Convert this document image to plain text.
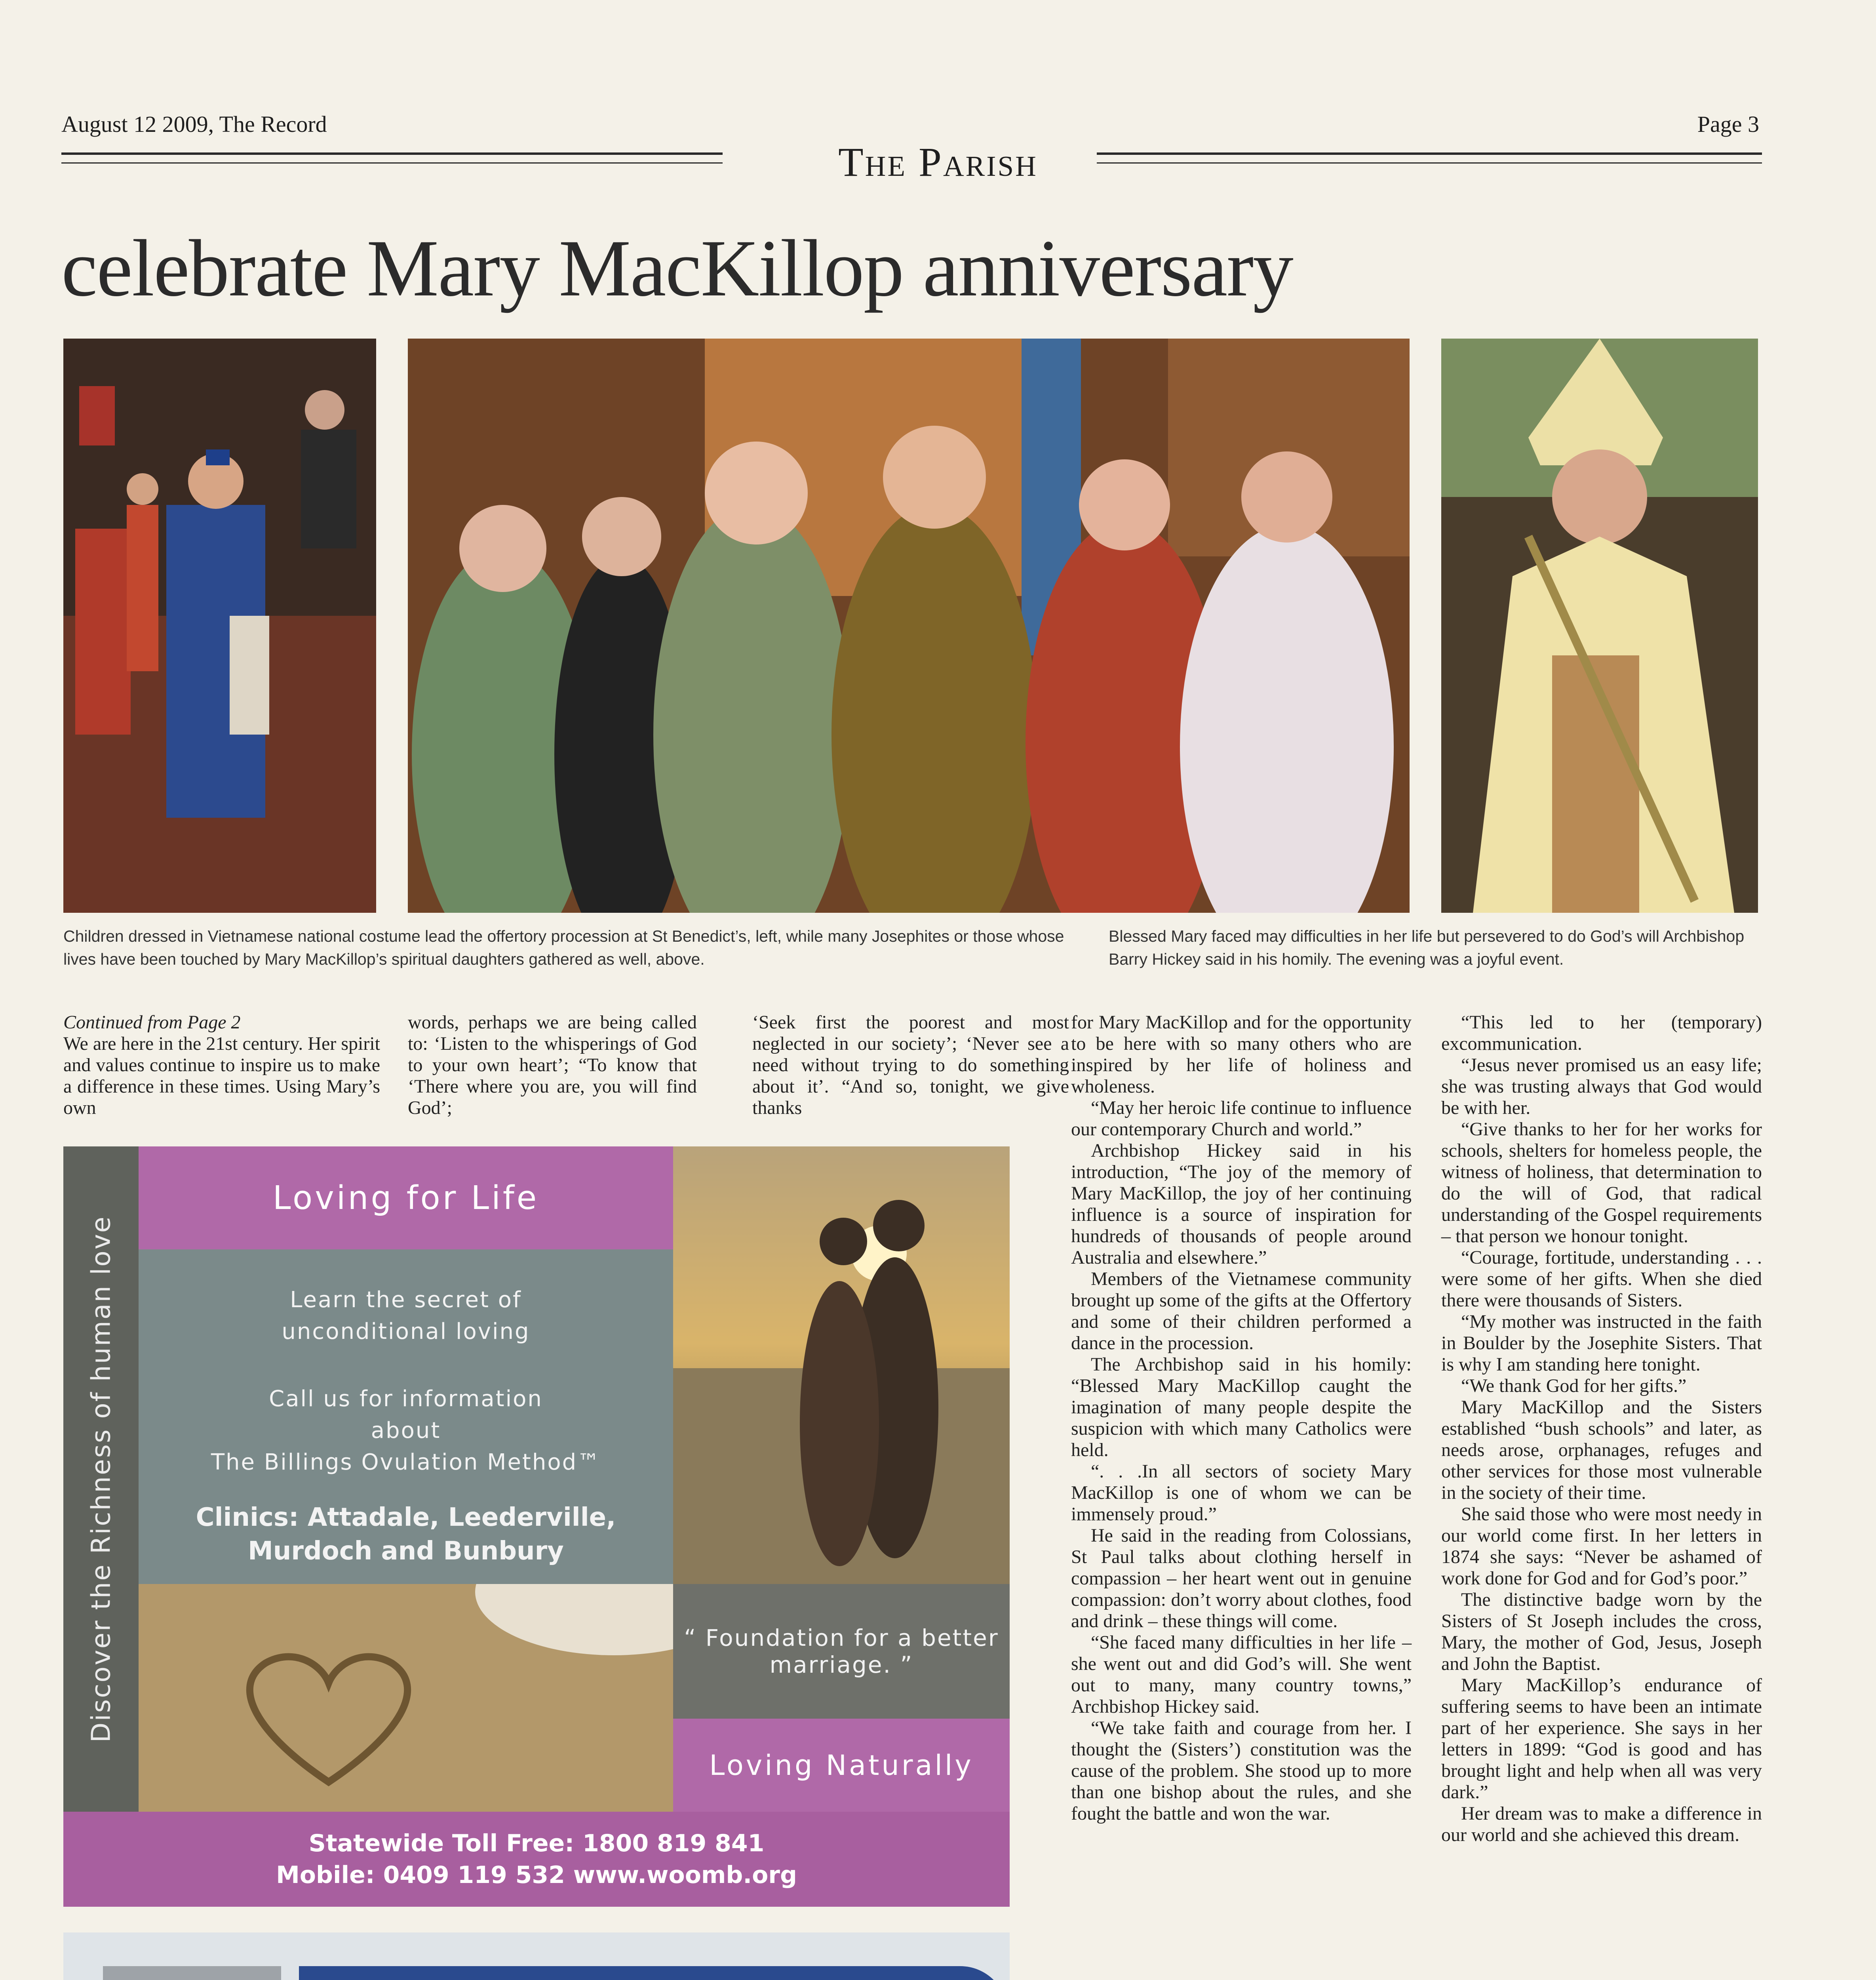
August 12 2009, The Record	Page 3
The Parish
celebrate Mary MacKillop anniversary
Children dressed in Vietnamese national costume lead the offertory procession at St Benedict’s, left, while many Josephites or those whose lives have been touched by Mary MacKillop’s spiritual daughters gathered as well, above.
Blessed Mary faced may difficulties in her life but persevered to do God’s will Archbishop Barry Hickey said in his homily. The evening was a joyful event.

Continued from Page 2

We are here in the 21st century. Her spirit and values continue to inspire us to make a difference in these times. Using Mary’s own

words, perhaps we are being called to: ‘Listen to the whisperings of God to your own heart’; “To know that ‘There where you are, you will find God’;
‘Seek first the poorest and most neglected in our society’; ‘Never see a need without trying to do something about it’. “And so, tonight, we give thanks

for Mary MacKillop and for the opportunity to be here with so many others who are inspired by her life of holiness and wholeness.

“May her heroic life continue to influence our contemporary Church and world.”

Archbishop Hickey said in his introduction, “The joy of the memory of Mary MacKillop, the joy of her continuing influence is a source of inspiration for hundreds of thousands of people around Australia and elsewhere.”

Members of the Vietnamese community brought up some of the gifts at the Offertory and some of their children performed a dance in the procession.

The Archbishop said in his homily: “Blessed Mary MacKillop caught the imagination of many people despite the suspicion with which many Catholics were held.

“. . .In all sectors of society Mary MacKillop is one of whom we can be immensely proud.”

He said in the reading from Colossians, St Paul talks about clothing herself in compassion – her heart went out in genuine compassion: don’t worry about clothes, food and drink – these things will come.

“She faced many difficulties in her life – she went out and did God’s will. She went out to many, many country towns,” Archbishop Hickey said.

“We take faith and courage from her. I thought the (Sisters’) constitution was the cause of the problem. She stood up to more than one bishop about the rules, and she fought the battle and won the war.

“This led to her (temporary) excommunication.

“Jesus never promised us an easy life; she was trusting always that God would be with her.

“Give thanks to her for her works for schools, shelters for homeless people, the witness of holiness, that determination to do the will of God, that radical understanding of the Gospel requirements – that person we honour tonight.

“Courage, fortitude, understanding . . . were some of her gifts. When she died there were thousands of Sisters.

“My mother was instructed in the faith in Boulder by the Josephite Sisters. That is why I am standing here tonight.

“We thank God for her gifts.”

Mary MacKillop and the Sisters established “bush schools” and later, as needs arose, orphanages, refuges and other services for those most vulnerable in the society of their time.

She said those who were most needy in our world come first. In her letters in 1874 she says: “Never be ashamed of work done for God and for God’s poor.”

The distinctive badge worn by the Sisters of St Joseph includes the cross, Mary, the mother of God, Jesus, Joseph and John the Baptist.

Mary MacKillop’s endurance of suffering seems to have been an intimate part of her experience. She says in her letters in 1899: “God is good and has brought light and help when all was very dark.”

Her dream was to make a difference in our world and she achieved this dream.

Discover the Richness of human love
Loving for Life
Learn the secret of
unconditional loving
Call us for information
about
The Billings Ovulation Method™
Clinics: Attadale, Leederville,
Murdoch and Bunbury
“ Foundation for a better marriage. ”
Loving Naturally
Statewide Toll Free: 1800 819 841
Mobile: 0409 119 532 www.woomb.org
